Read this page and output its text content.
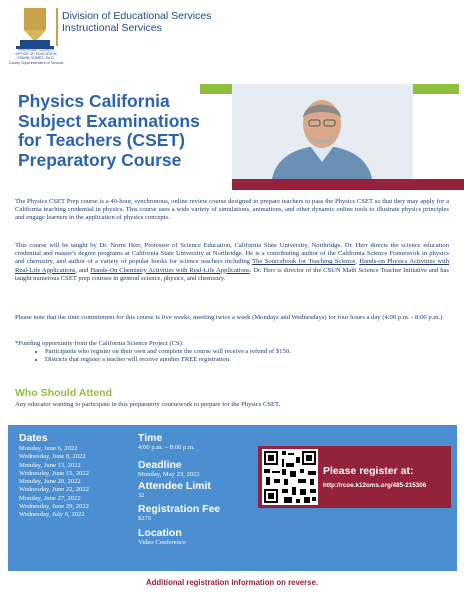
RIVERSIDE COUNTY
OFFICE OF EDUCATION
EDWIN GOMEZ, Ed.D.
County Superintendent of Schools
Division of Educational Services
Instructional Services
Physics California Subject Examinations for Teachers (CSET) Preparatory Course

The Physics CSET Prep course is a 40-hour, synchronous, online review course designed to prepare teachers to pass the Physics CSET so that they may apply for a California teaching credential in physics. This course uses a wide variety of simulations, animations, and other dynamic online tools to illustrate physics principles and engage learners in the application of physics concepts.

This course will be taught by Dr. Norm Herr, Professor of Science Education, California State University, Northridge. Dr. Herr directs the science education credential and master's degree programs at California State University at Northridge. He is a contributing author of the California Science Framework in physics and chemistry, and author of a variety of popular books for science teachers including The Sourcebook for Teaching Science, Hands-on Physics Activities with Real-Life Applications, and Hands-On Chemistry Activities with Real-Life Applications. Dr. Herr is director of the CSUN Math Science Teacher Initiative and has taught numerous CSET prep courses in general science, physics, and chemistry.

Please note that the time commitment for this course is five weeks, meeting twice a week (Mondays and Wednesdays) for four hours a day (4:00 p.m. - 8:00 p.m.).

*Funding opportunity from the California Science Project (CS):

• Participants who register on their own and complete the course will receive a refund of $150.
• Districts that register a teacher will receive another FREE registration.
Who Should Attend
Any educator wanting to participate in this preparatory coursework to prepare for the Physics CSET.
Dates
Monday, June 6, 2022
Wednesday, June 8, 2022
Monday, June 13, 2022
Wednesday, June 15, 2022
Monday, June 20, 2022
Wednesday, June 22, 2022
Monday, June 27, 2022
Wednesday, June 29, 2022
Wednesday, July 6, 2022
Time
4:00 p.m. – 8:00 p.m.
Deadline
Monday, May 23, 2022
Attendee Limit
32
Registration Fee
$275
Location
Video Conference
Please register at:
http://rcoe.k12oms.org/485-215306
Additional registration information on reverse.
